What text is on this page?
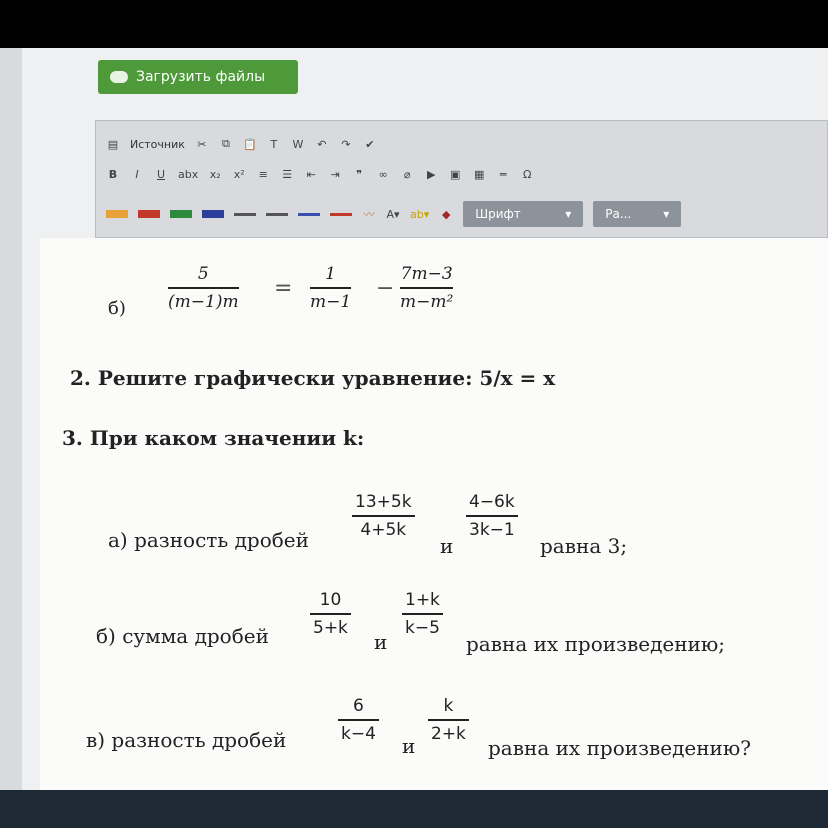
Загрузить файлы
▤ Источник ✂ ⧉ 📋	T	W ↶ ↷ ✔
B	I	U abx x₂ x² ≡ ☰ ⇤ ⇥	❞	∞	⌀	▶ ▣ ▦	═	Ω
〰 A▾ ab▾ ◆ Шрифт	▾	Ра...	▾
б)
5
(m−1)m
=
1
m−1
−
7m−3
m−m²
2. Решите графически уравнение: 5/x = x
3. При каком значении k:
а) разность дробей
13+5k
4+5k
и
4−6k
3k−1
равна 3;
б) сумма дробей
10
5+k
и
1+k
k−5
равна их произведению;
в) разность дробей
6
k−4
и
k
2+k
равна их произведению?
